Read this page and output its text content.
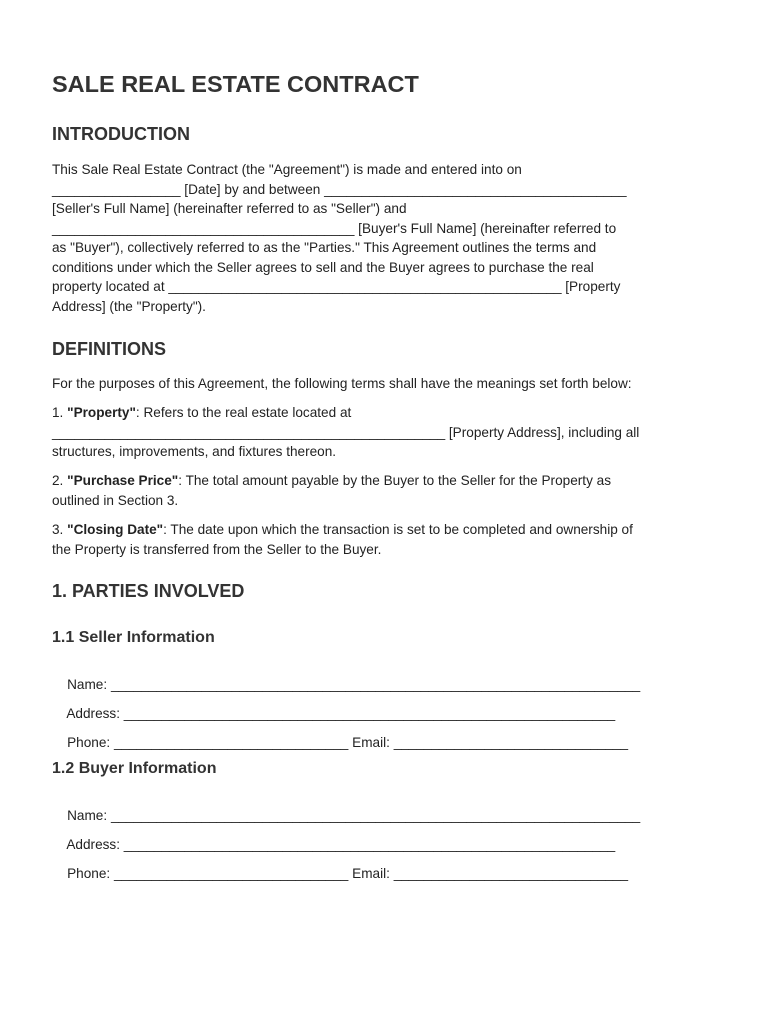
SALE REAL ESTATE CONTRACT
INTRODUCTION
This Sale Real Estate Contract (the "Agreement") is made and entered into on
_________________ [Date] by and between ________________________________________
[Seller's Full Name] (hereinafter referred to as "Seller") and
________________________________________ [Buyer's Full Name] (hereinafter referred to
as "Buyer"), collectively referred to as the "Parties." This Agreement outlines the terms and
conditions under which the Seller agrees to sell and the Buyer agrees to purchase the real
property located at ____________________________________________________ [Property
Address] (the "Property").
DEFINITIONS
For the purposes of this Agreement, the following terms shall have the meanings set forth below:
1. "Property": Refers to the real estate located at
____________________________________________________ [Property Address], including all
structures, improvements, and fixtures thereon.
2. "Purchase Price": The total amount payable by the Buyer to the Seller for the Property as
outlined in Section 3.
3. "Closing Date": The date upon which the transaction is set to be completed and ownership of
the Property is transferred from the Seller to the Buyer.
1. PARTIES INVOLVED
1.1 Seller Information

Name: ______________________________________________________________________

Address: _________________________________________________________________

Phone: _______________________________ Email: _______________________________

1.2 Buyer Information

Name: ______________________________________________________________________

Address: _________________________________________________________________

Phone: _______________________________ Email: _______________________________
